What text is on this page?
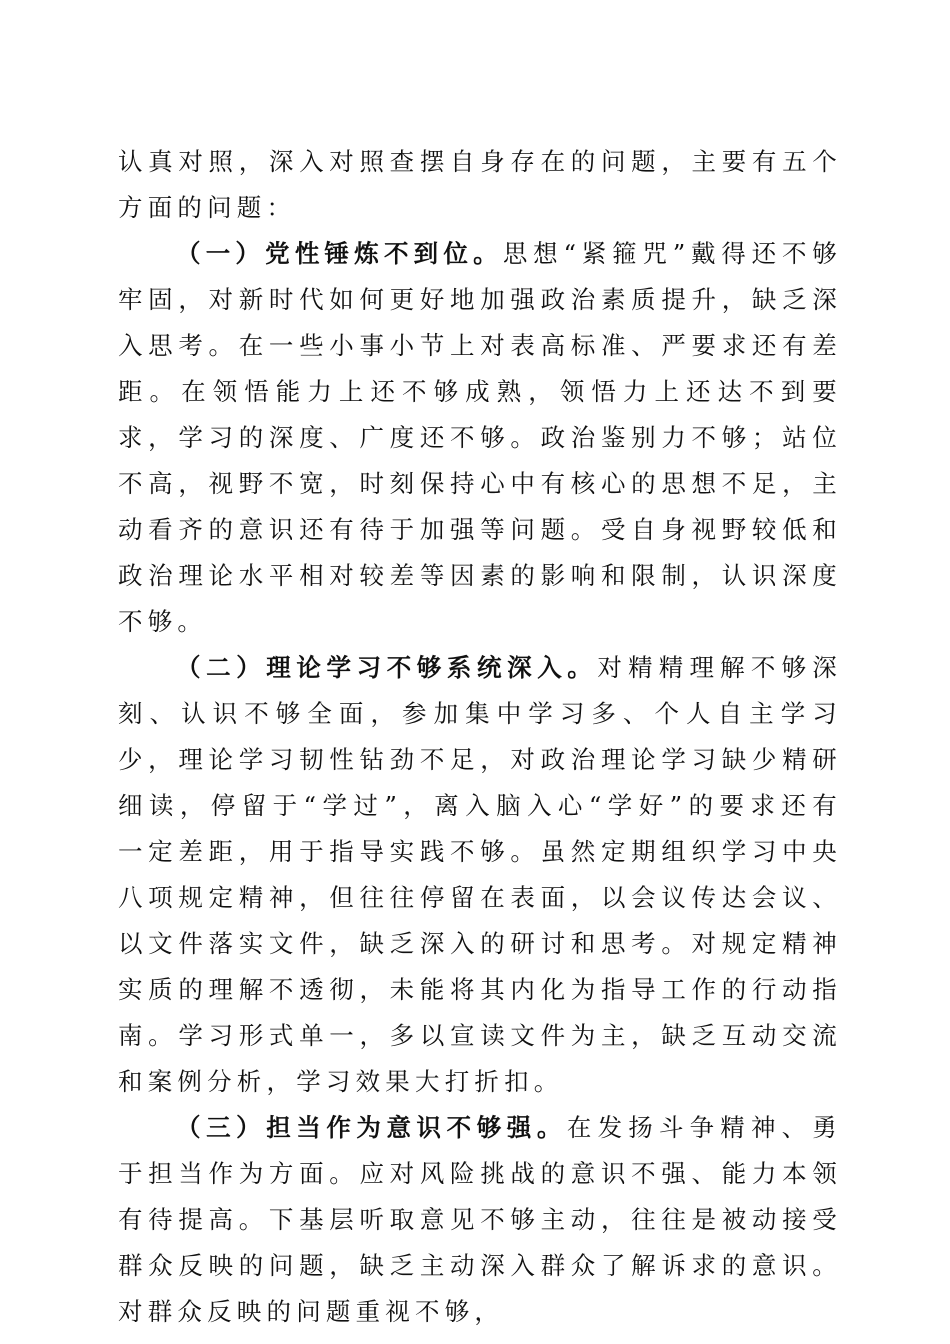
认真对照，深入对照查摆自身存在的问题，主要有五个方面的问题：

（一）党性锤炼不到位。思想“紧箍咒”戴得还不够牢固，对新时代如何更好地加强政治素质提升，缺乏深入思考。在一些小事小节上对表高标准、严要求还有差距。在领悟能力上还不够成熟，领悟力上还达不到要求，学习的深度、广度还不够。政治鉴别力不够；站位不高，视野不宽，时刻保持心中有核心的思想不足，主动看齐的意识还有待于加强等问题。受自身视野较低和政治理论水平相对较差等因素的影响和限制，认识深度不够。

（二）理论学习不够系统深入。对精精理解不够深刻、认识不够全面，参加集中学习多、个人自主学习少，理论学习韧性钻劲不足，对政治理论学习缺少精研细读，停留于“学过”，离入脑入心“学好”的要求还有一定差距，用于指导实践不够。虽然定期组织学习中央八项规定精神，但往往停留在表面，以会议传达会议、以文件落实文件，缺乏深入的研讨和思考。对规定精神实质的理解不透彻，未能将其内化为指导工作的行动指南。学习形式单一，多以宣读文件为主，缺乏互动交流和案例分析，学习效果大打折扣。

（三）担当作为意识不够强。在发扬斗争精神、勇于担当作为方面。应对风险挑战的意识不强、能力本领有待提高。下基层听取意见不够主动，往往是被动接受群众反映的问题，缺乏主动深入群众了解诉求的意识。对群众反映的问题重视不够，
